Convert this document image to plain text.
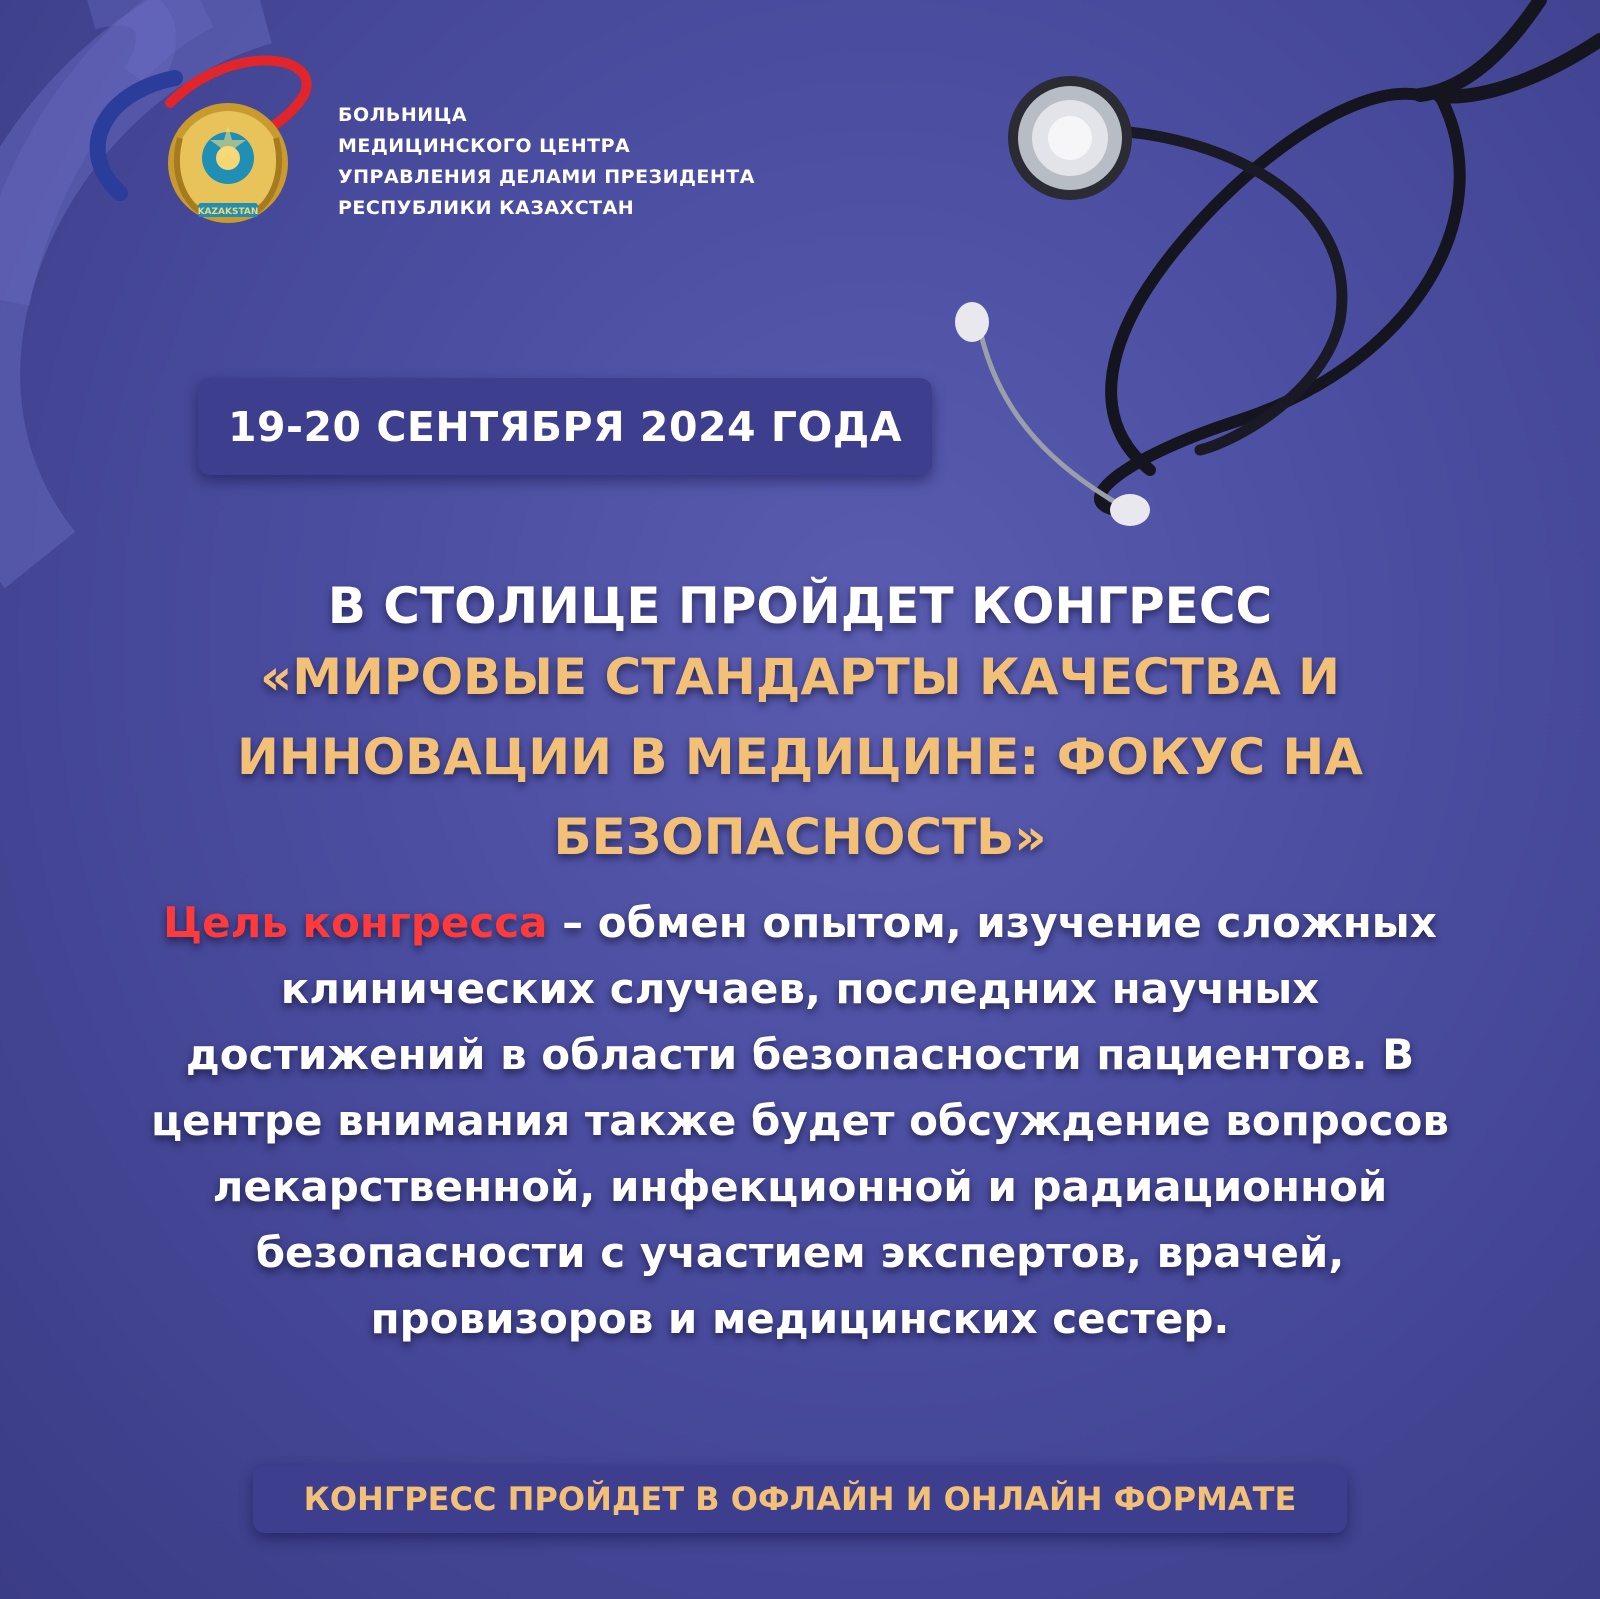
KAZAKSTAN
БОЛЬНИЦА
МЕДИЦИНСКОГО ЦЕНТРА
УПРАВЛЕНИЯ ДЕЛАМИ ПРЕЗИДЕНТА
РЕСПУБЛИКИ КАЗАХСТАН
19-20 СЕНТЯБРЯ 2024 ГОДА
В СТОЛИЦЕ ПРОЙДЕТ КОНГРЕСС
«МИРОВЫЕ СТАНДАРТЫ КАЧЕСТВА И
ИННОВАЦИИ В МЕДИЦИНЕ: ФОКУС НА
БЕЗОПАСНОСТЬ»
Цель конгресса – обмен опытом, изучение сложных клинических случаев, последних научных достижений в области безопасности пациентов. В центре внимания также будет обсуждение вопросов лекарственной, инфекционной и радиационной безопасности с участием экспертов, врачей, провизоров и медицинских сестер.
КОНГРЕСС ПРОЙДЕТ В ОФЛАЙН И ОНЛАЙН ФОРМАТЕ
